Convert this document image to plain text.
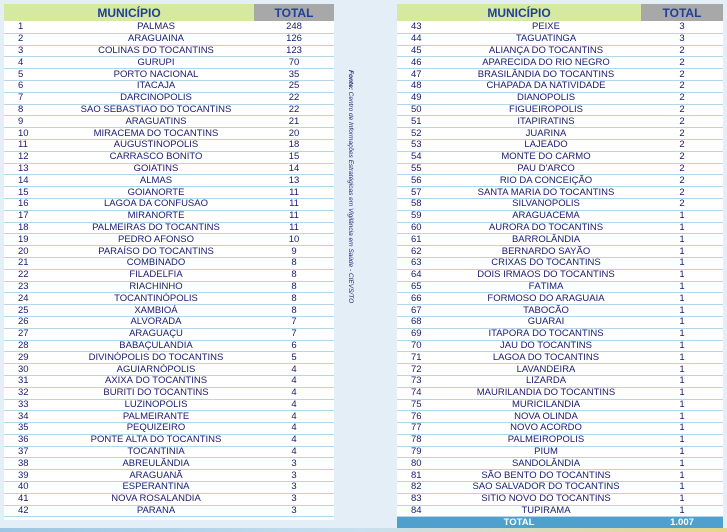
MUNICÍPIO		TOTAL
1	PALMAS	248
2	ARAGUAÍNA	126
3	COLINAS DO TOCANTINS	123
4	GURUPI	70
5	PORTO NACIONAL	35
6	ITACAJÁ	25
7	DARCINÓPOLIS	22
8	SÃO SEBASTIÃO DO TOCANTINS	22
9	ARAGUATINS	21
10	MIRACEMA DO TOCANTINS	20
11	AUGUSTINÓPOLIS	18
12	CARRASCO BONITO	15
13	GOIATINS	14
14	ALMAS	13
15	GOIANORTE	11
16	LAGOA DA CONFUSÃO	11
17	MIRANORTE	11
18	PALMEIRAS DO TOCANTINS	11
19	PEDRO AFONSO	10
20	PARAÍSO DO TOCANTINS	9
21	COMBINADO	8
22	FILADÉLFIA	8
23	RIACHINHO	8
24	TOCANTINÓPOLIS	8
25	XAMBIOÁ	8
26	ALVORADA	7
27	ARAGUAÇU	7
28	BABAÇULÂNDIA	6
29	DIVINÓPOLIS DO TOCANTINS	5
30	AGUIARNÓPOLIS	4
31	AXIXÁ DO TOCANTINS	4
32	BURITI DO TOCANTINS	4
33	LUZINÓPOLIS	4
34	PALMEIRANTE	4
35	PEQUIZEIRO	4
36	PONTE ALTA DO TOCANTINS	4
37	TOCANTÍNIA	4
38	ABREULÂNDIA	3
39	ARAGUANÃ	3
40	ESPERANTINA	3
41	NOVA ROSALÂNDIA	3
42	PARANÃ	3
Fonte: Centro de Informações Estratégicas em Vigilância em Saúde - CIEVS/TO
MUNICÍPIO		TOTAL
43	PEIXE	3
44	TAGUATINGA	3
45	ALIANÇA DO TOCANTINS	2
46	APARECIDA DO RIO NEGRO	2
47	BRASILÂNDIA DO TOCANTINS	2
48	CHAPADA DA NATIVIDADE	2
49	DIANÓPOLIS	2
50	FIGUEIRÓPOLIS	2
51	ITAPIRATINS	2
52	JUARINA	2
53	LAJEADO	2
54	MONTE DO CARMO	2
55	PAU D'ARCO	2
56	RIO DA CONCEIÇÃO	2
57	SANTA MARIA DO TOCANTINS	2
58	SILVANÓPOLIS	2
59	ARAGUACEMA	1
60	AURORA DO TOCANTINS	1
61	BARROLÂNDIA	1
62	BERNARDO SAYÃO	1
63	CRIXÁS DO TOCANTINS	1
64	DOIS IRMÃOS DO TOCANTINS	1
65	FÁTIMA	1
66	FORMOSO DO ARAGUAIA	1
67	TABOCÃO	1
68	GUARAÍ	1
69	ITAPORÃ DO TOCANTINS	1
70	JAÚ DO TOCANTINS	1
71	LAGOA DO TOCANTINS	1
72	LAVANDEIRA	1
73	LIZARDA	1
74	MAURILÂNDIA DO TOCANTINS	1
75	MURICILÂNDIA	1
76	NOVA OLINDA	1
77	NOVO ACORDO	1
78	PALMEIRÓPOLIS	1
79	PIUM	1
80	SANDOLÂNDIA	1
81	SÃO BENTO DO TOCANTINS	1
82	SÃO SALVADOR DO TOCANTINS	1
83	SITIO NOVO DO TOCANTINS	1
84	TUPIRAMA	1
TOTAL		1.007
